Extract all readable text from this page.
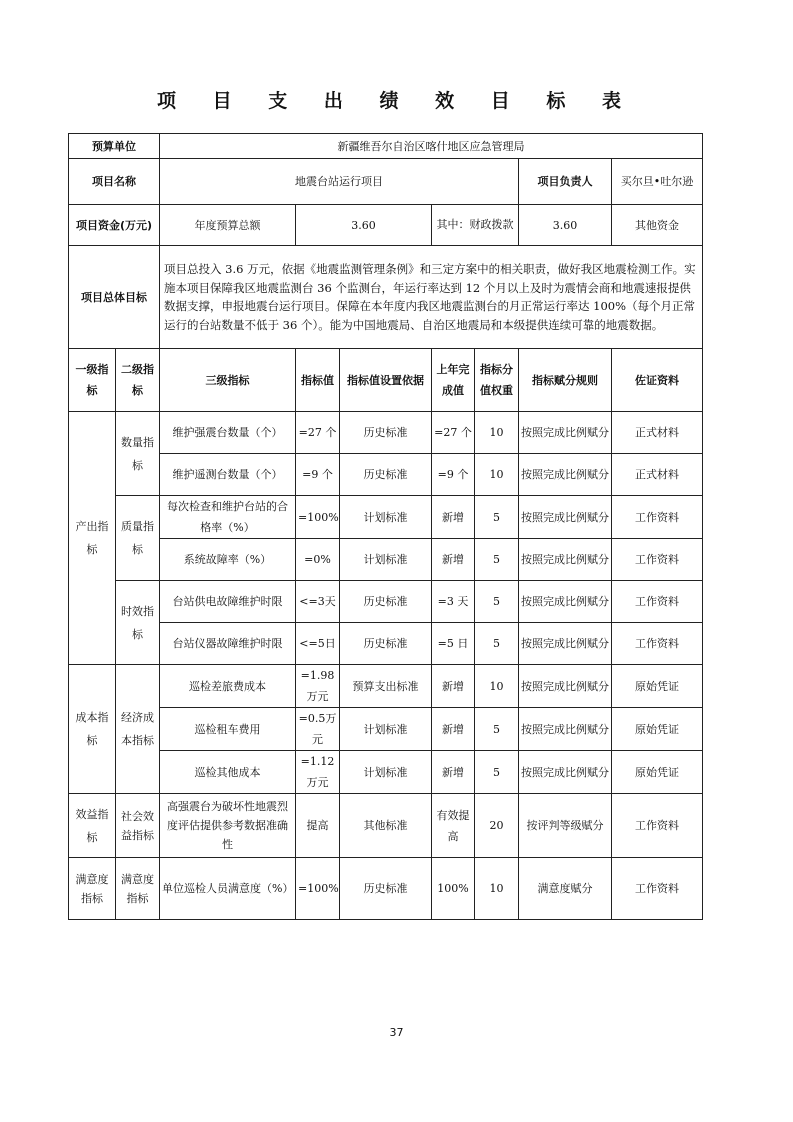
项 目 支 出 绩 效 目 标 表
预算单位		新疆维吾尔自治区喀什地区应急管理局						
项目名称		地震台站运行项目					项目负责人	买尔旦•吐尔逊
项目资金(万元)		年度预算总额	3.60		其中：财政拨款		3.60	其他资金
项目总体目标		项目总投入 3.6 万元，依据《地震监测管理条例》和三定方案中的相关职责，做好我区地震检测工作。实施本项目保障我区地震监测台 36 个监测台，年运行率达到 12 个月以上及时为震情会商和地震速报提供数据支撑，申报地震台运行项目。保障在本年度内我区地震监测台的月正常运行率达 100%（每个月正常运行的台站数量不低于 36 个）。能为中国地震局、自治区地震局和本级提供连续可靠的地震数据。						
一级指标	二级指标	三级指标	指标值	指标值设置依据	上年完成值	指标分值权重	指标赋分规则	佐证资料
产出指标	数量指标	维护强震台数量（个）	=27 个	历史标准	=27 个	10	按照完成比例赋分	正式材料
		维护遥测台数量（个）	=9 个	历史标准	=9 个	10	按照完成比例赋分	正式材料
	质量指标	每次检查和维护台站的合格率（%）	=100%	计划标准	新增	5	按照完成比例赋分	工作资料
		系统故障率（%）	=0%	计划标准	新增	5	按照完成比例赋分	工作资料
	时效指标	台站供电故障维护时限	<=3天	历史标准	=3 天	5	按照完成比例赋分	工作资料
		台站仪器故障维护时限	<=5日	历史标准	=5 日	5	按照完成比例赋分	工作资料
成本指标	经济成本指标	巡检差旅费成本	=1.98万元	预算支出标准	新增	10	按照完成比例赋分	原始凭证
		巡检租车费用	=0.5万元	计划标准	新增	5	按照完成比例赋分	原始凭证
		巡检其他成本	=1.12万元	计划标准	新增	5	按照完成比例赋分	原始凭证
效益指标	社会效益指标	高强震台为破坏性地震烈度评估提供参考数据准确性	提高	其他标准	有效提高	20	按评判等级赋分	工作资料
满意度指标	满意度指标	单位巡检人员满意度（%）	=100%	历史标准	100%	10	满意度赋分	工作资料
37
